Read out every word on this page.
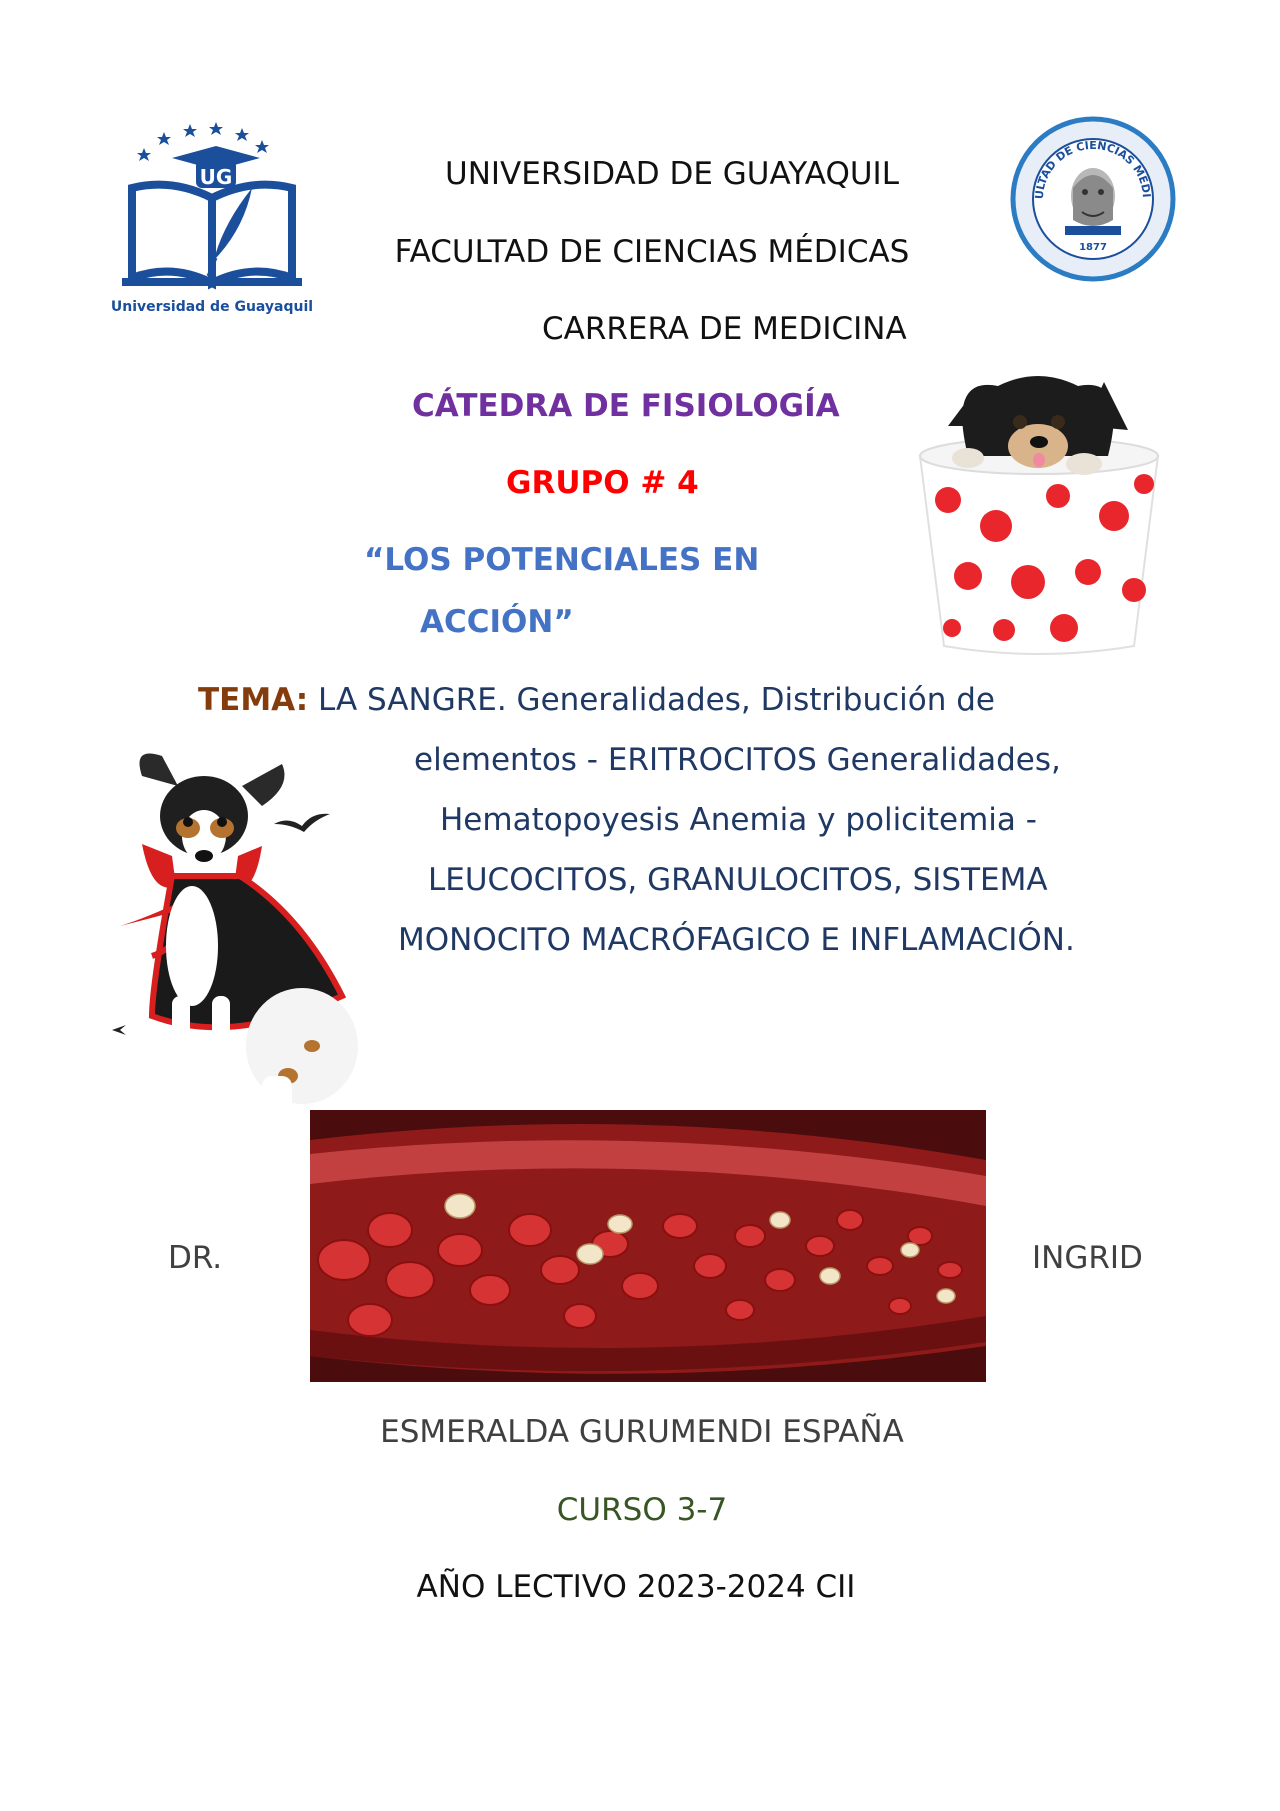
UG
Universidad de Guayaquil
ULTAD DE CIENCIAS MÉDI
1877
UNIVERSIDAD DE GUAYAQUIL
FACULTAD DE CIENCIAS MÉDICAS
CARRERA DE MEDICINA
CÁTEDRA DE FISIOLOGÍA
GRUPO # 4
“LOS POTENCIALES EN
ACCIÓN”
TEMA: LA SANGRE. Generalidades, Distribución de
elementos - ERITROCITOS Generalidades,
Hematopoyesis Anemia y policitemia -
LEUCOCITOS, GRANULOCITOS, SISTEMA
MONOCITO MACRÓFAGICO E INFLAMACIÓN.
DR.	INGRID
ESMERALDA GURUMENDI ESPAÑA
CURSO 3-7
AÑO LECTIVO 2023-2024 CII
